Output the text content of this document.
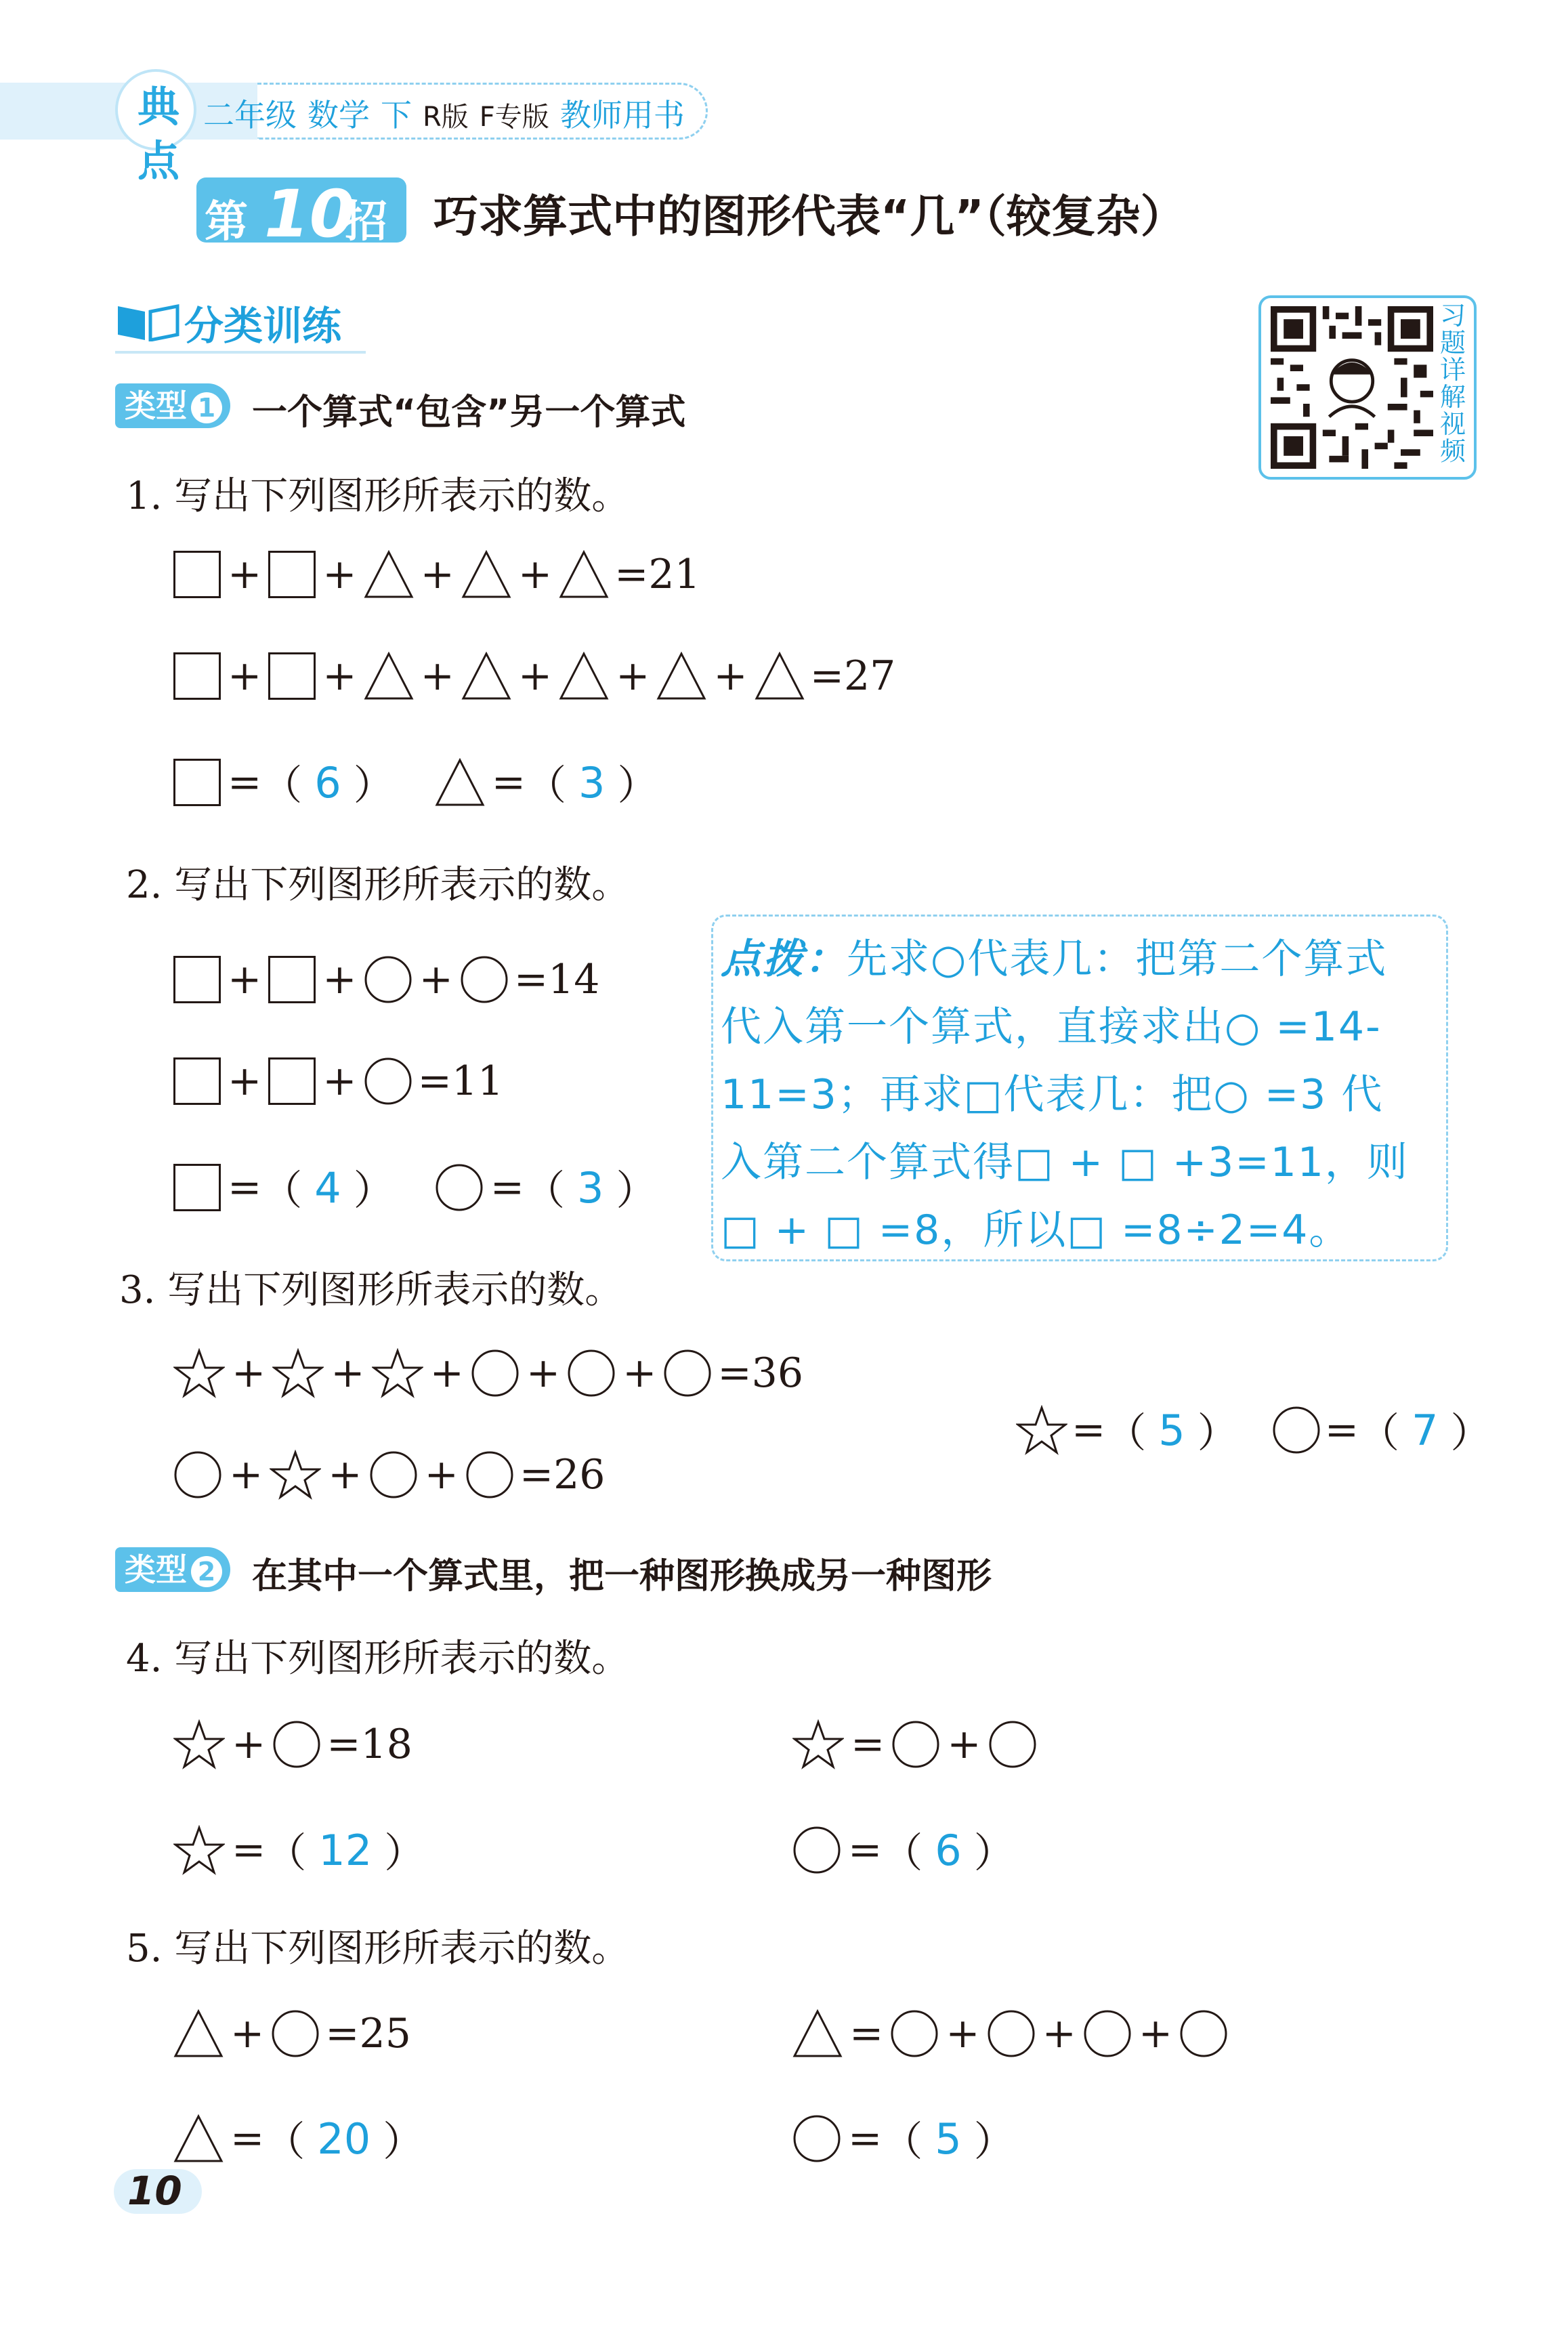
典点
二年级 数学 下 R版 F专版 教师用书
第 10
招 巧求算式中的图形代表“几”（较复杂）
分类训练	习题详解视频
类型 1	一个算式“包含”另一个算式
1. 写出下列图形所表示的数。
+ + + + =21
+ + + + + + =27
= （ 6 ） = （ 3 ）
2. 写出下列图形所表示的数。
+ + + =14
+ + =11
= （ 4 ） = （ 3 ）
点拨：先求○代表几：把第二个算式
代入第一个算式，直接求出○ =14-
11=3；再求□代表几：把○ =3 代
入第二个算式得□ + □ +3=11，则
□ + □ =8，所以□ =8÷2=4。
3. 写出下列图形所表示的数。
+ + + + + =36
+ + + =26
= （ 5 ） = （ 7 ）
类型 2	在其中一个算式里，把一种图形换成另一种图形
4. 写出下列图形所表示的数。
+ =18	= +
= （ 12 ）	= （ 6 ）
5. 写出下列图形所表示的数。
+ =25	= + + +
= （ 20 ）	= （ 5 ）
10
